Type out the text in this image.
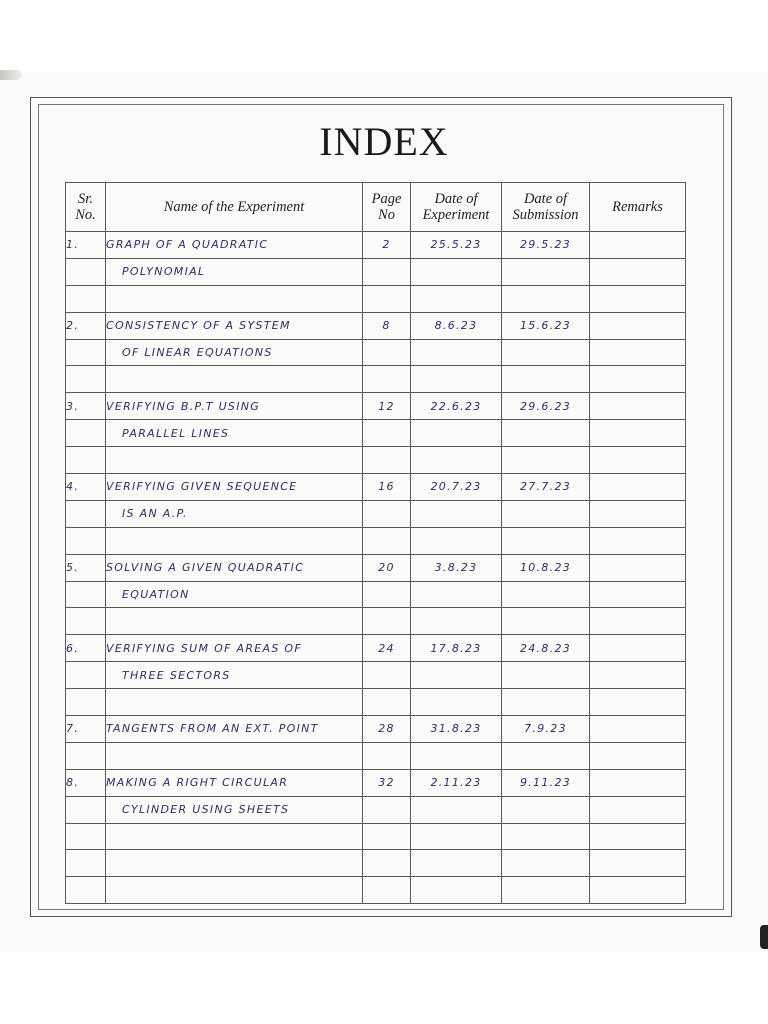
INDEX
Sr. No.	Name of the Experiment	Page No	Date of Experiment	Date of Submission	Remarks
1.	GRAPH OF A QUADRATIC	2	25.5.23	29.5.23	
	POLYNOMIAL				

2.	CONSISTENCY OF A SYSTEM	8	8.6.23	15.6.23	
	OF LINEAR EQUATIONS				

3.	VERIFYING B.P.T USING	12	22.6.23	29.6.23	
	PARALLEL LINES				

4.	VERIFYING GIVEN SEQUENCE	16	20.7.23	27.7.23	
	IS AN A.P.				

5.	SOLVING A GIVEN QUADRATIC	20	3.8.23	10.8.23	
	EQUATION				

6.	VERIFYING SUM OF AREAS OF	24	17.8.23	24.8.23	
	THREE SECTORS				

7.	TANGENTS FROM AN EXT. POINT	28	31.8.23	7.9.23	

8.	MAKING A RIGHT CIRCULAR	32	2.11.23	9.11.23	
	CYLINDER USING SHEETS				
